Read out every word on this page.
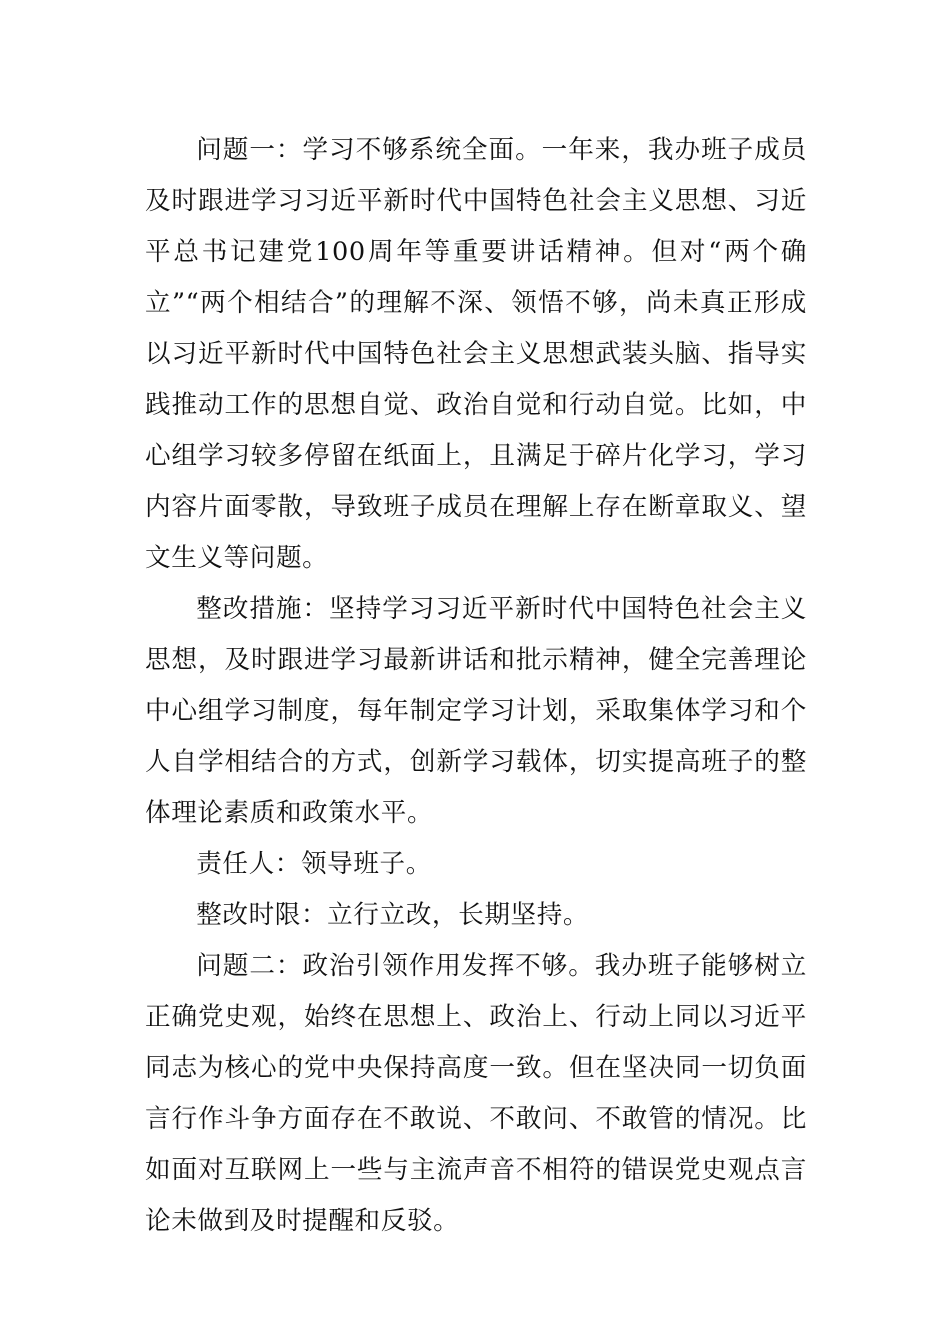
问题一：学习不够系统全面。一年来，我办班子成员及时跟进学习习近平新时代中国特色社会主义思想、习近平总书记建党100周年等重要讲话精神。但对“两个确立”“两个相结合”的理解不深、领悟不够，尚未真正形成以习近平新时代中国特色社会主义思想武装头脑、指导实践推动工作的思想自觉、政治自觉和行动自觉。比如，中心组学习较多停留在纸面上，且满足于碎片化学习，学习内容片面零散，导致班子成员在理解上存在断章取义、望文生义等问题。

整改措施：坚持学习习近平新时代中国特色社会主义思想，及时跟进学习最新讲话和批示精神，健全完善理论中心组学习制度，每年制定学习计划，采取集体学习和个人自学相结合的方式，创新学习载体，切实提高班子的整体理论素质和政策水平。

责任人：领导班子。

整改时限：立行立改，长期坚持。

问题二：政治引领作用发挥不够。我办班子能够树立正确党史观，始终在思想上、政治上、行动上同以习近平同志为核心的党中央保持高度一致。但在坚决同一切负面言行作斗争方面存在不敢说、不敢问、不敢管的情况。比如面对互联网上一些与主流声音不相符的错误党史观点言论未做到及时提醒和反驳。
